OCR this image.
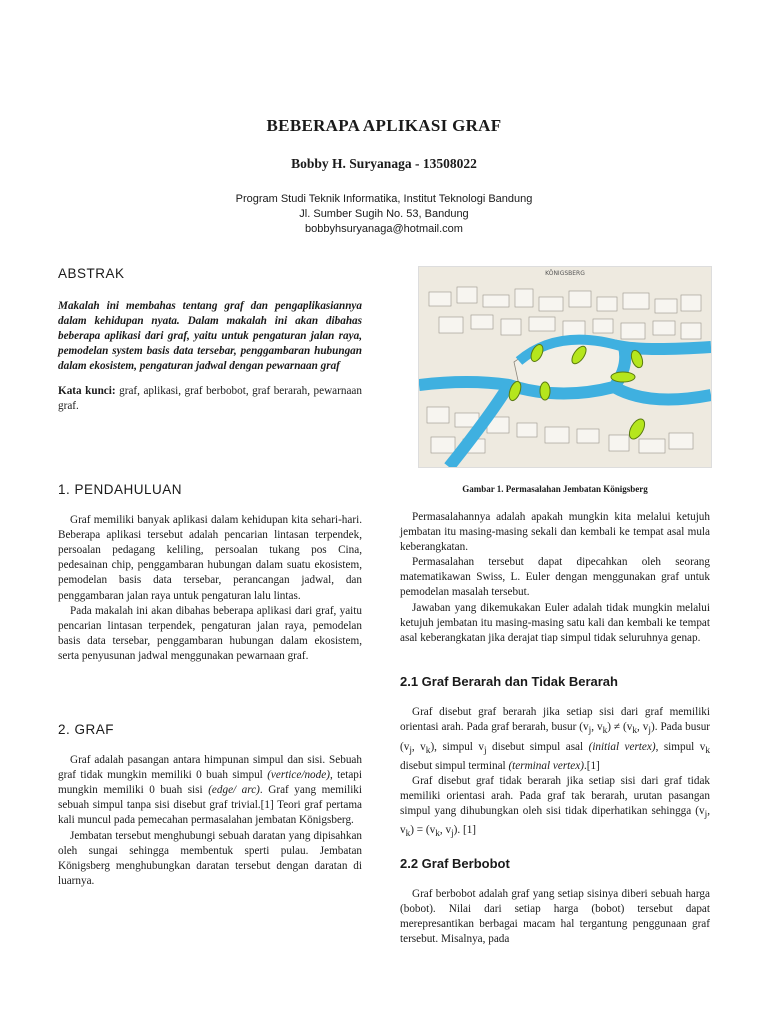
BEBERAPA APLIKASI GRAF
Bobby H. Suryanaga - 13508022
Program Studi Teknik Informatika, Institut Teknologi Bandung
Jl. Sumber Sugih No. 53, Bandung
bobbyhsuryanaga@hotmail.com
ABSTRAK

Makalah ini membahas tentang graf dan pengaplikasiannya dalam kehidupan nyata. Dalam makalah ini akan dibahas beberapa aplikasi dari graf, yaitu untuk pengaturan jalan raya, pemodelan system basis data tersebar, penggambaran hubungan dalam ekosistem, pengaturan jadwal dengan pewarnaan graf

Kata kunci: graf, aplikasi, graf berbobot, graf berarah, pewarnaan graf.

1. PENDAHULUAN

Graf memiliki banyak aplikasi dalam kehidupan kita sehari-hari. Beberapa aplikasi tersebut adalah pencarian lintasan terpendek, persoalan pedagang keliling, persoalan tukang pos Cina, pedesainan chip, penggambaran hubungan dalam suatu ekosistem, pemodelan basis data tersebar, perancangan jadwal, dan penggambaran jalan raya untuk pengaturan lalu lintas.

Pada makalah ini akan dibahas beberapa aplikasi dari graf, yaitu pencarian lintasan terpendek, pengaturan jalan raya, pemodelan basis data tersebar, penggambaran hubungan dalam ekosistem, serta penyusunan jadwal menggunakan pewarnaan graf.

2. GRAF

Graf adalah pasangan antara himpunan simpul dan sisi. Sebuah graf tidak mungkin memiliki 0 buah simpul (vertice/node), tetapi mungkin memiliki 0 buah sisi (edge/ arc). Graf yang memiliki sebuah simpul tanpa sisi disebut graf trivial.[1] Teori graf pertama kali muncul pada pemecahan permasalahan jembatan Königsberg.

Jembatan tersebut menghubungi sebuah daratan yang dipisahkan oleh sungai sehingga membentuk sperti pulau. Jembatan Königsberg menghubungkan daratan tersebut dengan daratan di luarnya.

KÖNIGSBERG
Gambar 1. Permasalahan Jembatan Königsberg

Permasalahannya adalah apakah mungkin kita melalui ketujuh jembatan itu masing-masing sekali dan kembali ke tempat asal mula keberangkatan.

Permasalahan tersebut dapat dipecahkan oleh seorang matematikawan Swiss, L. Euler dengan menggunakan graf untuk pemodelan masalah tersebut.

Jawaban yang dikemukakan Euler adalah tidak mungkin melalui ketujuh jembatan itu masing-masing satu kali dan kembali ke tempat asal keberangkatan jika derajat tiap simpul tidak seluruhnya genap.

2.1 Graf Berarah dan Tidak Berarah

Graf disebut graf berarah jika setiap sisi dari graf memiliki orientasi arah. Pada graf berarah, busur ($v_j$, $v_k) \ne (v_k$, $v_j$). Pada busur ($v_j$, $v_k$), simpul $v_j$ disebut simpul asal (initial vertex), simpul $v_k$ disebut simpul terminal (terminal vertex).[1]

Graf disebut graf tidak berarah jika setiap sisi dari graf tidak memiliki orientasi arah. Pada graf tak berarah, urutan pasangan simpul yang dihubungkan oleh sisi tidak diperhatikan sehingga ($v_j$, $v_k) = (v_k$, $v_j$). [1]

2.2 Graf Berbobot

Graf berbobot adalah graf yang setiap sisinya diberi sebuah harga (bobot). Nilai dari setiap harga (bobot) tersebut dapat merepresantikan berbagai macam hal tergantung penggunaan graf tersebut. Misalnya, pada
